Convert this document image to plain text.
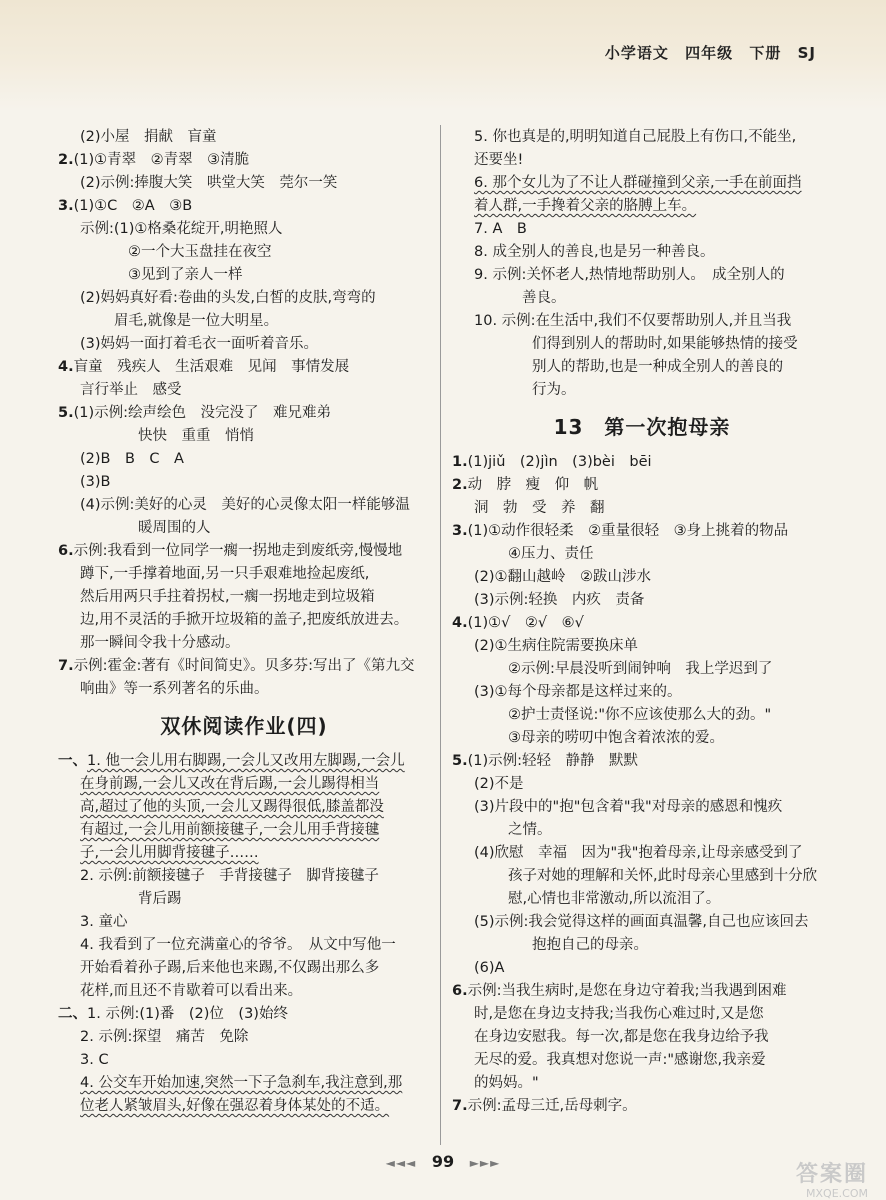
小学语文 四年级 下册 SJ
(2)小屋　捐献　盲童
2.(1)①青翠　②青翠　③清脆
(2)示例:捧腹大笑　哄堂大笑　莞尔一笑
3.(1)①C　②A　③B
示例:(1)①格桑花绽开,明艳照人
②一个大玉盘挂在夜空
③见到了亲人一样
(2)妈妈真好看:卷曲的头发,白皙的皮肤,弯弯的
眉毛,就像是一位大明星。
(3)妈妈一面打着毛衣一面听着音乐。
4.盲童　残疾人　生活艰难　见闻　事情发展
言行举止　感受
5.(1)示例:绘声绘色　没完没了　难兄难弟
快快　重重　悄悄
(2)B　B　C　A
(3)B
(4)示例:美好的心灵　美好的心灵像太阳一样能够温
暖周围的人
6.示例:我看到一位同学一瘸一拐地走到废纸旁,慢慢地
蹲下,一手撑着地面,另一只手艰难地捡起废纸,
然后用两只手拄着拐杖,一瘸一拐地走到垃圾箱
边,用不灵活的手掀开垃圾箱的盖子,把废纸放进去。
那一瞬间令我十分感动。
7.示例:霍金:著有《时间简史》。贝多芬:写出了《第九交
响曲》等一系列著名的乐曲。
双休阅读作业(四)
一、1. 他一会儿用右脚踢,一会儿又改用左脚踢,一会儿
在身前踢,一会儿又改在背后踢,一会儿踢得相当
高,超过了他的头顶,一会儿又踢得很低,膝盖都没
有超过,一会儿用前额接毽子,一会儿用手背接毽
子,一会儿用脚背接毽子……
2. 示例:前额接毽子　手背接毽子　脚背接毽子
背后踢
3. 童心
4. 我看到了一位充满童心的爷爷。　从文中写他一
开始看着孙子踢,后来他也来踢,不仅踢出那么多
花样,而且还不肯歇着可以看出来。
二、1. 示例:(1)番　(2)位　(3)始终
2. 示例:探望　痛苦　免除
3. C
4. 公交车开始加速,突然一下子急刹车,我注意到,那
位老人紧皱眉头,好像在强忍着身体某处的不适。
5. 你也真是的,明明知道自己屁股上有伤口,不能坐,
还要坐!
6. 那个女儿为了不让人群碰撞到父亲,一手在前面挡
着人群,一手搀着父亲的胳膊上车。
7. A　B
8. 成全别人的善良,也是另一种善良。
9. 示例:关怀老人,热情地帮助别人。　成全别人的
善良。
10. 示例:在生活中,我们不仅要帮助别人,并且当我
们得到别人的帮助时,如果能够热情的接受
别人的帮助,也是一种成全别人的善良的
行为。
13　第一次抱母亲
1.(1)jiǔ　(2)jìn　(3)bèi　bēi
2.动　脖　瘦　仰　帆
洞　勃　受　养　翻
3.(1)①动作很轻柔　②重量很轻　③身上挑着的物品
④压力、责任
(2)①翻山越岭　②跋山涉水
(3)示例:轻换　内疚　责备
4.(1)①√　②√　⑥√
(2)①生病住院需要换床单
②示例:早晨没听到闹钟响　我上学迟到了
(3)①每个母亲都是这样过来的。
②护士责怪说:"你不应该使那么大的劲。"
③母亲的唠叨中饱含着浓浓的爱。
5.(1)示例:轻轻　静静　默默
(2)不是
(3)片段中的"抱"包含着"我"对母亲的感恩和愧疚
之情。
(4)欣慰　幸福　因为"我"抱着母亲,让母亲感受到了
孩子对她的理解和关怀,此时母亲心里感到十分欣
慰,心情也非常激动,所以流泪了。
(5)示例:我会觉得这样的画面真温馨,自己也应该回去
抱抱自己的母亲。
(6)A
6.示例:当我生病时,是您在身边守着我;当我遇到困难
时,是您在身边支持我;当我伤心难过时,又是您
在身边安慰我。每一次,都是您在我身边给予我
无尽的爱。我真想对您说一声:"感谢您,我亲爱
的妈妈。"
7.示例:孟母三迁,岳母刺字。
◄◄◄ 99 ►►►	答案圈
MXQE.COM
